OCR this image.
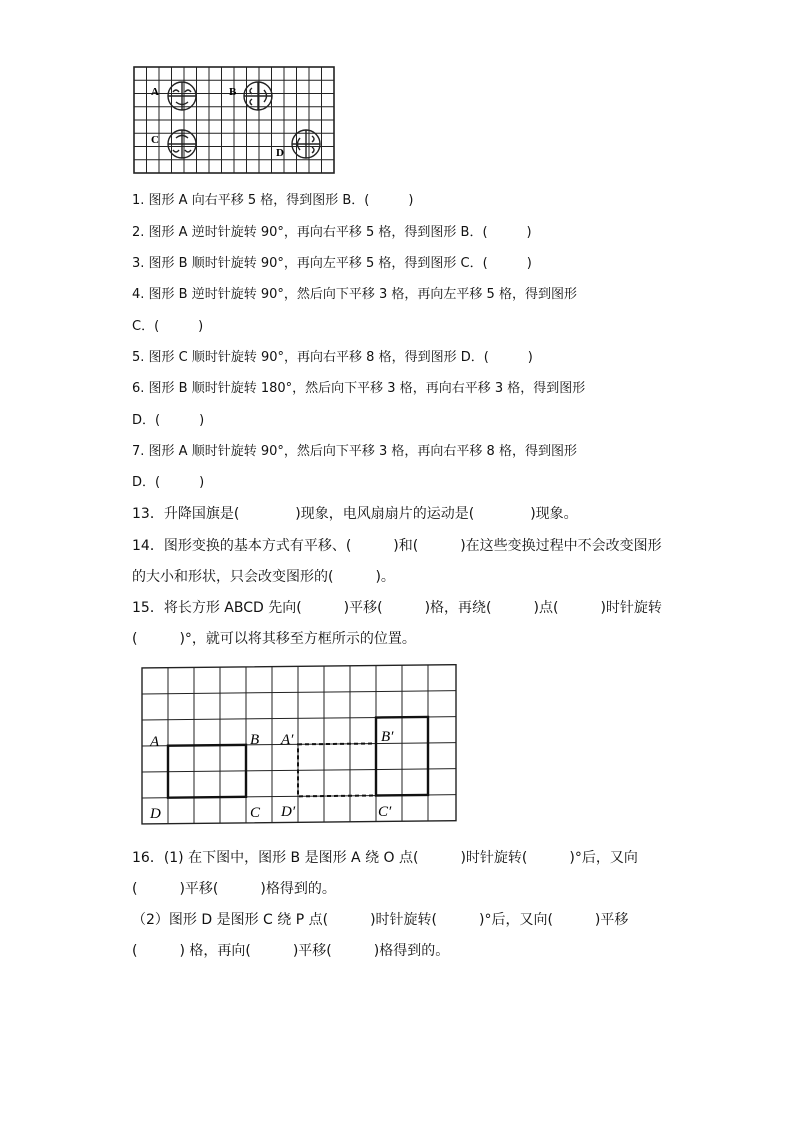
A	B
C
D
1. 图形 A 向右平移 5 格，得到图形 B．(　　　)
2. 图形 A 逆时针旋转 90°，再向右平移 5 格，得到图形 B．(　　　)
3. 图形 B 顺时针旋转 90°，再向左平移 5 格，得到图形 C．(　　　)
4. 图形 B 逆时针旋转 90°，然后向下平移 3 格，再向左平移 5 格，得到图形
C．(　　　)
5. 图形 C 顺时针旋转 90°，再向右平移 8 格，得到图形 D．(　　　)
6. 图形 B 顺时针旋转 180°，然后向下平移 3 格，再向右平移 3 格，得到图形
D．(　　　)
7. 图形 A 顺时针旋转 90°，然后向下平移 3 格，再向右平移 8 格，得到图形
D．(　　　)
13．升降国旗是(　　　　)现象，电风扇扇片的运动是(　　　　)现象。
14．图形变换的基本方式有平移、(　　　)和(　　　)在这些变换过程中不会改变图形
的大小和形状，只会改变图形的(　　　)。
15．将长方形 ABCD 先向(　　　)平移(　　　)格，再绕(　　　)点(　　　)时针旋转
(　　　)°，就可以将其移至方框所示的位置。
A	B
C
D
A′	B′
C′
D′
16．(1) 在下图中，图形 B 是图形 A 绕 O 点(　　　)时针旋转(　　　)°后，又向
(　　　)平移(　　　)格得到的。
（2）图形 D 是图形 C 绕 P 点(　　　)时针旋转(　　　)°后，又向(　　　)平移
(　　　) 格，再向(　　　)平移(　　　)格得到的。
